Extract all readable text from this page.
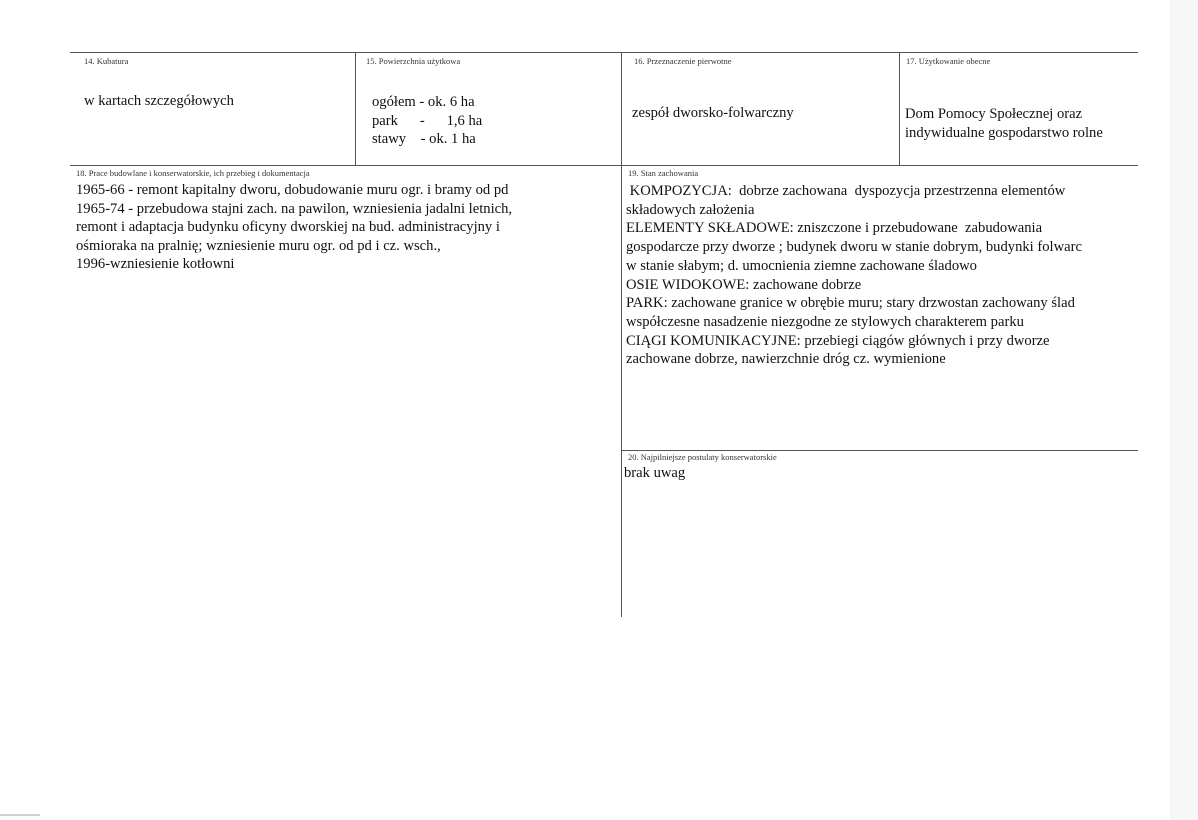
14. Kubatura
w kartach szczegółowych
15. Powierzchnia użytkowa
ogółem - ok. 6 ha
park      -      1,6 ha
stawy    - ok. 1 ha
16. Przeznaczenie pierwotne
zespół dworsko-folwarczny
17. Użytkowanie obecne
Dom Pomocy Społecznej oraz
indywidualne gospodarstwo rolne
18. Prace budowlane i konserwatorskie, ich przebieg i dokumentacja
1965-66 - remont kapitalny dworu, dobudowanie muru ogr. i bramy od pd
1965-74 - przebudowa stajni zach. na pawilon, wzniesienia jadalni letnich,
remont i adaptacja budynku oficyny dworskiej na bud. administracyjny i
ośmioraka na pralnię; wzniesienie muru ogr. od pd i cz. wsch.,
1996-wzniesienie kotłowni
19. Stan zachowania
KOMPOZYCJA:  dobrze zachowana  dyspozycja przestrzenna elementów
składowych założenia
ELEMENTY SKŁADOWE: zniszczone i przebudowane  zabudowania
gospodarcze przy dworze ; budynek dworu w stanie dobrym, budynki folwarc
w stanie słabym; d. umocnienia ziemne zachowane śladowo
OSIE WIDOKOWE: zachowane dobrze
PARK: zachowane granice w obrębie muru; stary drzwostan zachowany ślad
współczesne nasadzenie niezgodne ze stylowych charakterem parku
CIĄGI KOMUNIKACYJNE: przebiegi ciągów głównych i przy dworze
zachowane dobrze, nawierzchnie dróg cz. wymienione
20. Najpilniejsze postulaty konserwatorskie
brak uwag
